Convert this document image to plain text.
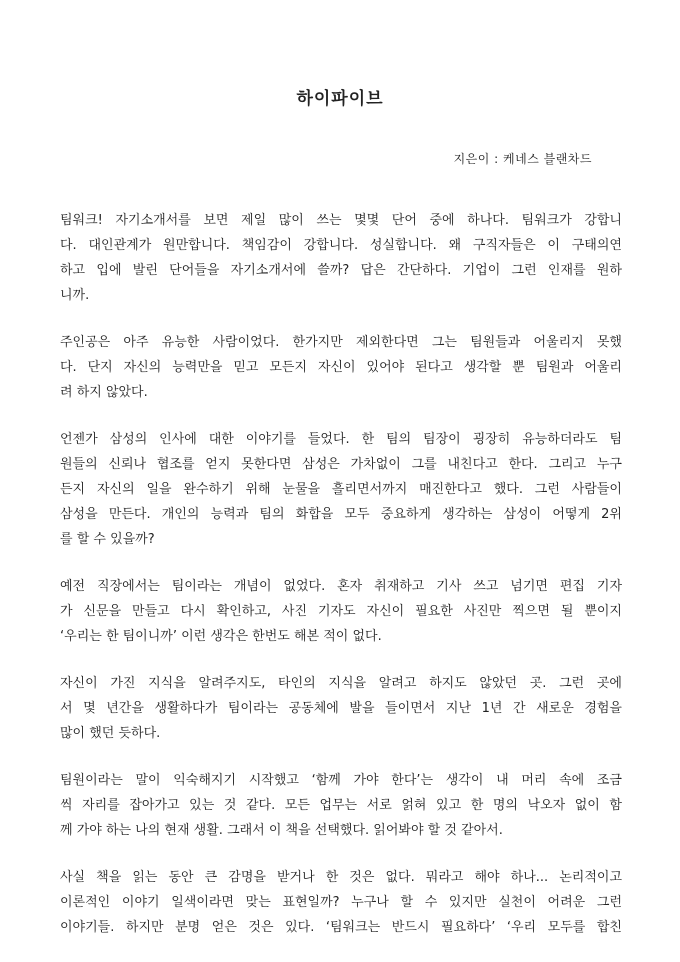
하이파이브
지은이 : 케네스 블랜차드

팀워크! 자기소개서를 보면 제일 많이 쓰는 몇몇 단어 중에 하나다. 팀워크가 강합니
다. 대인관계가 원만합니다. 책임감이 강합니다. 성실합니다. 왜 구직자들은 이 구태의연
하고 입에 발린 단어들을 자기소개서에 쓸까? 답은 간단하다. 기업이 그런 인재를 원하
니까.

주인공은 아주 유능한 사람이었다. 한가지만 제외한다면 그는 팀원들과 어울리지 못했
다. 단지 자신의 능력만을 믿고 모든지 자신이 있어야 된다고 생각할 뿐 팀원과 어울리
려 하지 않았다.

언젠가 삼성의 인사에 대한 이야기를 들었다. 한 팀의 팀장이 굉장히 유능하더라도 팀
원들의 신뢰나 협조를 얻지 못한다면 삼성은 가차없이 그를 내친다고 한다. 그리고 누구
든지 자신의 일을 완수하기 위해 눈물을 흘리면서까지 매진한다고 했다. 그런 사람들이
삼성을 만든다. 개인의 능력과 팀의 화합을 모두 중요하게 생각하는 삼성이 어떻게 2위
를 할 수 있을까?

예전 직장에서는 팀이라는 개념이 없었다. 혼자 취재하고 기사 쓰고 넘기면 편집 기자
가 신문을 만들고 다시 확인하고, 사진 기자도 자신이 필요한 사진만 찍으면 될 뿐이지
‘우리는 한 팀이니까’ 이런 생각은 한번도 해본 적이 없다.

자신이 가진 지식을 알려주지도, 타인의 지식을 알려고 하지도 않았던 곳. 그런 곳에
서 몇 년간을 생활하다가 팀이라는 공동체에 발을 들이면서 지난 1년 간 새로운 경험을
많이 했던 듯하다.

팀원이라는 말이 익숙해지기 시작했고 ‘함께 가야 한다’는 생각이 내 머리 속에 조금
씩 자리를 잡아가고 있는 것 같다. 모든 업무는 서로 얽혀 있고 한 명의 낙오자 없이 함
께 가야 하는 나의 현재 생활. 그래서 이 책을 선택했다. 읽어봐야 할 것 같아서.

사실 책을 읽는 동안 큰 감명을 받거나 한 것은 없다. 뭐라고 해야 하나... 논리적이고
이론적인 이야기 일색이라면 맞는 표현일까? 누구나 할 수 있지만 실천이 어려운 그런
이야기들. 하지만 분명 얻은 것은 있다. ‘팀워크는 반드시 필요하다’ ‘우리 모두를 합친
